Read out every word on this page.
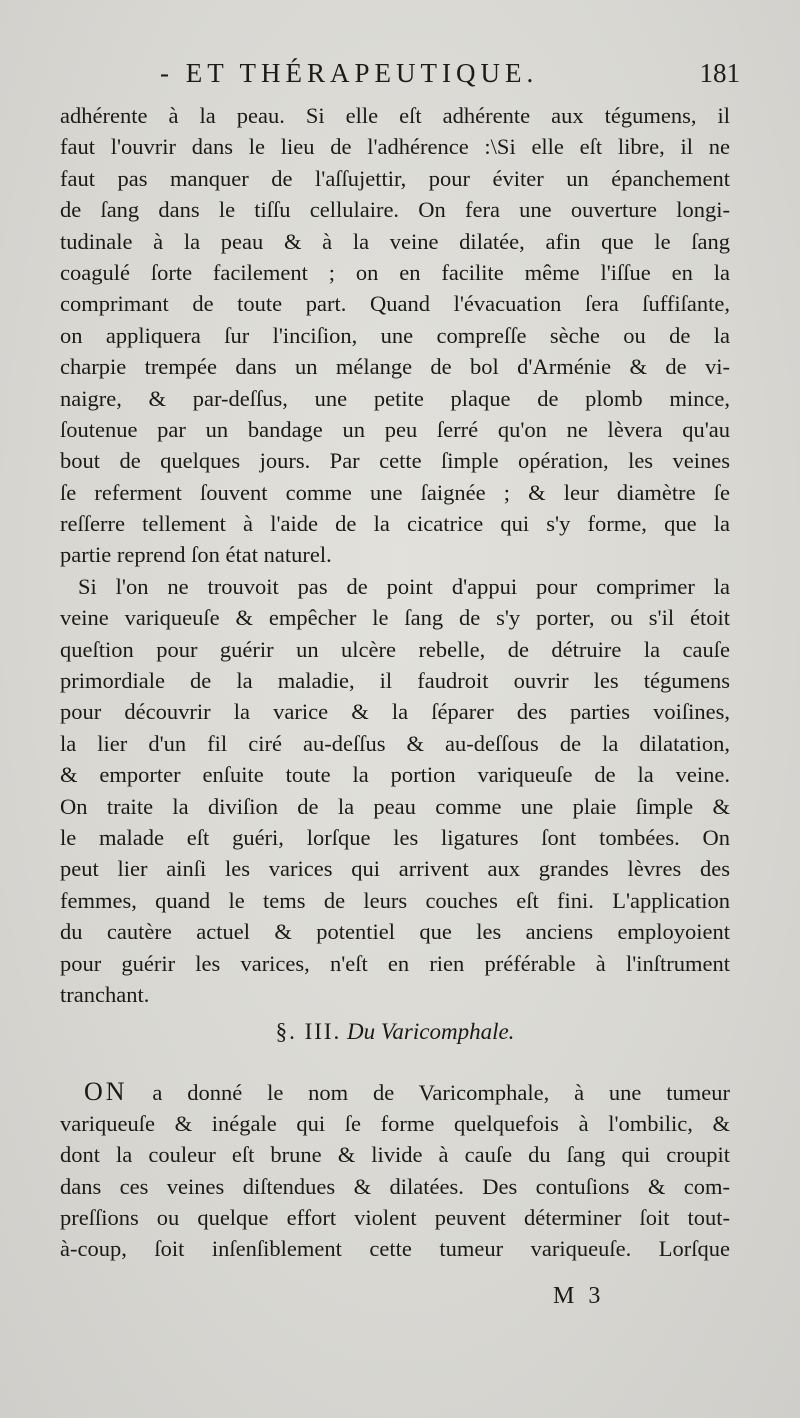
- ET THÉRAPEUTIQUE.	181
adhérente à la peau. Si elle eſt adhérente aux tégumens, il
faut l'ouvrir dans le lieu de l'adhérence :\Si elle eſt libre, il ne
faut pas manquer de l'aſſujettir, pour éviter un épanchement
de ſang dans le tiſſu cellulaire. On fera une ouverture longi-
tudinale à la peau & à la veine dilatée, afin que le ſang
coagulé ſorte facilement ; on en facilite même l'iſſue en la
comprimant de toute part. Quand l'évacuation ſera ſuffiſante,
on appliquera ſur l'inciſion, une compreſſe sèche ou de la
charpie trempée dans un mélange de bol d'Arménie & de vi-
naigre, & par-deſſus, une petite plaque de plomb mince,
ſoutenue par un bandage un peu ſerré qu'on ne lèvera qu'au
bout de quelques jours. Par cette ſimple opération, les veines
ſe referment ſouvent comme une ſaignée ; & leur diamètre ſe
reſſerre tellement à l'aide de la cicatrice qui s'y forme, que la
partie reprend ſon état naturel.
Si l'on ne trouvoit pas de point d'appui pour comprimer la
veine variqueuſe & empêcher le ſang de s'y porter, ou s'il étoit
queſtion pour guérir un ulcère rebelle, de détruire la cauſe
primordiale de la maladie, il faudroit ouvrir les tégumens
pour découvrir la varice & la ſéparer des parties voiſines,
la lier d'un fil ciré au-deſſus & au-deſſous de la dilatation,
& emporter enſuite toute la portion variqueuſe de la veine.
On traite la diviſion de la peau comme une plaie ſimple &
le malade eſt guéri, lorſque les ligatures ſont tombées. On
peut lier ainſi les varices qui arrivent aux grandes lèvres des
femmes, quand le tems de leurs couches eſt fini. L'application
du cautère actuel & potentiel que les anciens employoient
pour guérir les varices, n'eſt en rien préférable à l'inſtrument
tranchant.
§. III. Du Varicomphale.
ON a donné le nom de Varicomphale, à une tumeur
variqueuſe & inégale qui ſe forme quelquefois à l'ombilic, &
dont la couleur eſt brune & livide à cauſe du ſang qui croupit
dans ces veines diſtendues & dilatées. Des contuſions & com-
preſſions ou quelque effort violent peuvent déterminer ſoit tout-
à-coup, ſoit inſenſiblement cette tumeur variqueuſe. Lorſque
M 3
